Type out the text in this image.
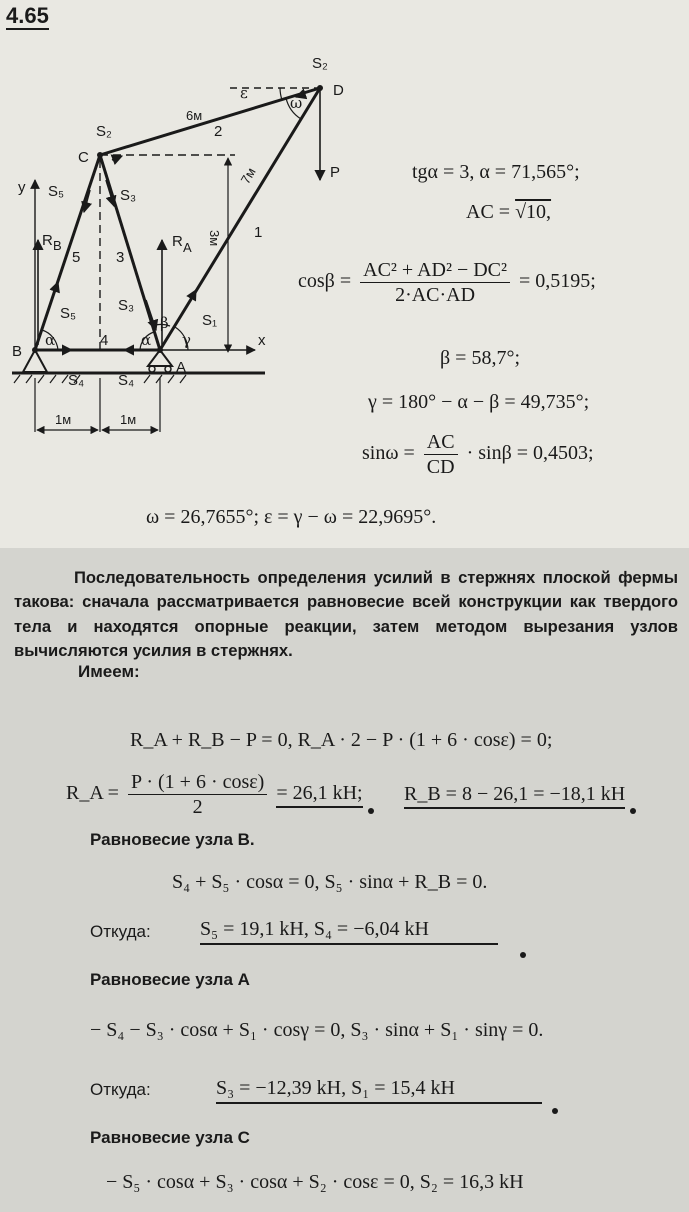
4.65
x
y
3м
1м	1м
S₂
D
S₂
C
P
S₅	S₃
R B	R A
5 3
S₅	S₃
S₁
1
2
6м
7м
B
A
4
S₄ S₄
α	α
β
γ
ω
ε
tgα = 3, α = 71,565°;
AC = √10,
$\cos\beta = \frac{\text{AC² + AD² − DC²}}{2\cdot AC\cdot AD} = 0,5195$;
β = 58,7°;
γ = 180° − α − β = 49,735°;
$\sin\omega = \frac{AC}{CD} \cdot \sin\beta = 0,4503$;
ω = 26,7655°; ε = γ − ω = 22,9695°.
Последовательность определения усилий в стержнях плоской фермы такова: сначала рассматривается равновесие всей конструкции как твердого тела и находятся опорные реакции, затем методом вырезания узлов вычисляются усилия в стержнях.
Имеем:
R_A + R_B − P = 0, R_A · 2 − P · (1 + 6 · cosε) = 0;
R_A = $\frac{P \cdot (1 + 6 \cdot \cos\varepsilon)}{2} = 26,1$ kH; R_B = 8 − 26,1 = −18,1 kH
Равновесие узла B.
S₄ + S₅ · cosα = 0, S₅ · sinα + R_B = 0.
Откуда: S₅ = 19,1 kH, S₄ = −6,04 kH
Равновесие узла A
− S₄ − S₃ · cosα + S₁ · cosγ = 0, S₃ · sinα + S₁ · sinγ = 0.
Откуда:	S₃ = −12,39 kH, S₁ = 15,4 kH
Равновесие узла C
− S₅ · cosα + S₃ · cosα + S₂ · cosε = 0, S₂ = 16,3 kH
